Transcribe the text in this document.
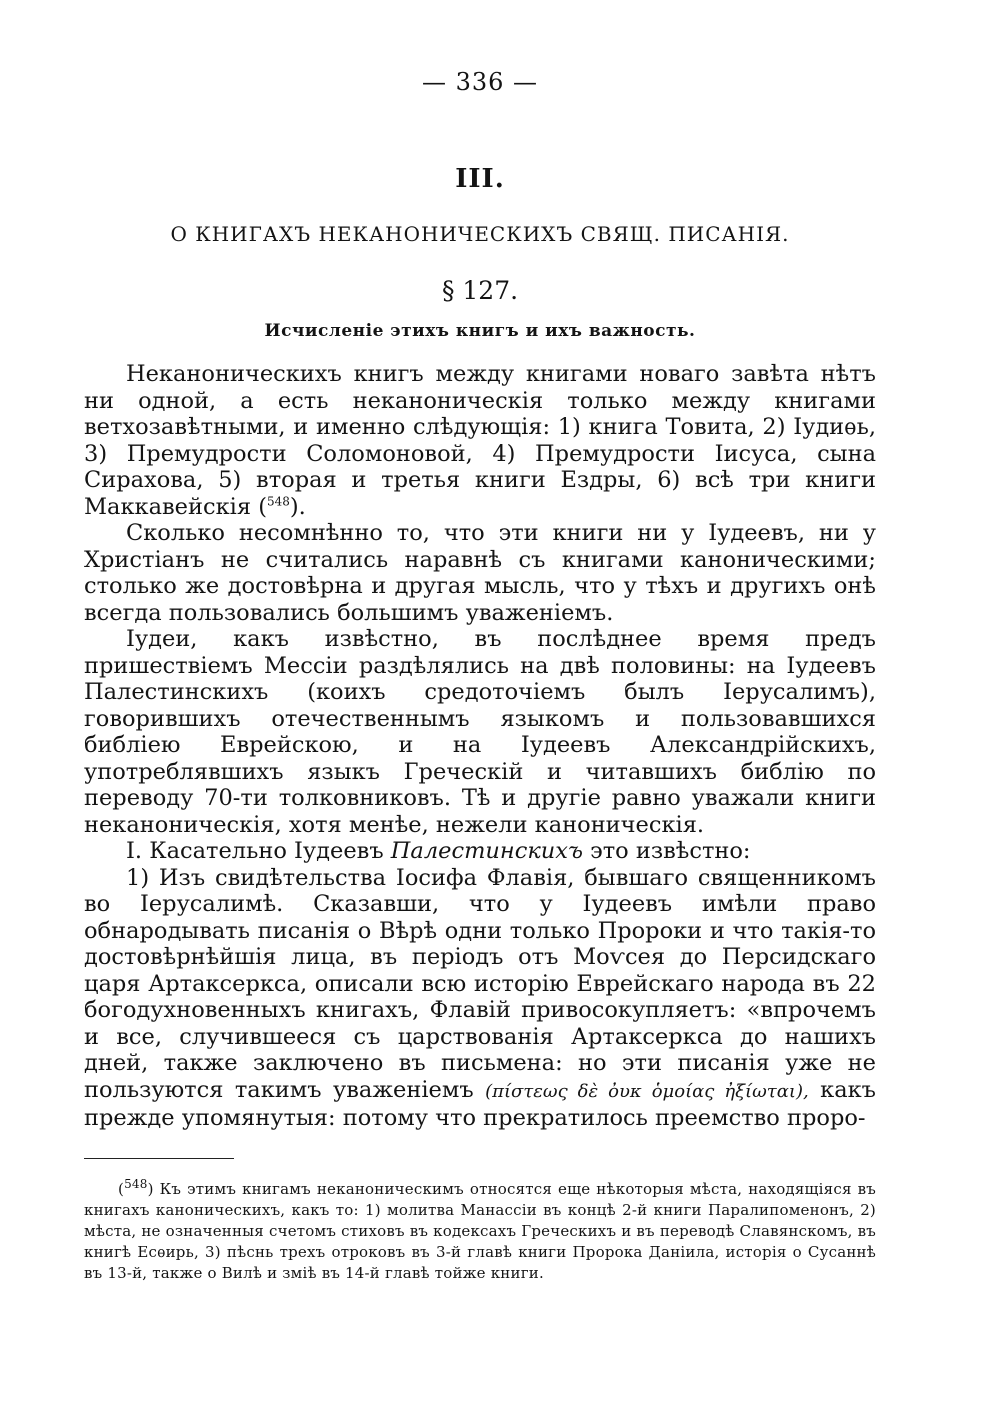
— 336 —
III.
О КНИГАХЪ НЕКАНОНИЧЕСКИХЪ СВЯЩ. ПИСАНІЯ.
§ 127.
Исчисленіе этихъ книгъ и ихъ важность.

Неканоническихъ книгъ между книгами новаго завѣта нѣтъ ни одной, а есть неканоническія только между книгами ветхозавѣтными, и именно слѣдующія: 1) книга Товита, 2) Іудиѳь, 3) Премудрости Соломоновой, 4) Премудрости Іисуса, сына Сирахова, 5) вторая и третья книги Ездры, 6) всѣ три книги Маккавейскія ($^{548}$).

Сколько несомнѣнно то, что эти книги ни у Іудеевъ, ни у Христіанъ не считались наравнѣ съ книгами каноническими; столько же достовѣрна и другая мысль, что у тѣхъ и другихъ онѣ всегда пользовались большимъ уваженіемъ.

Іудеи, какъ извѣстно, въ послѣднее время предъ пришествіемъ Мессіи раздѣлялись на двѣ половины: на Іудеевъ Палестинскихъ (коихъ средоточіемъ былъ Іерусалимъ), говорившихъ отечественнымъ языкомъ и пользовавшихся библіею Еврейскою, и на Іудеевъ Александрійскихъ, употреблявшихъ языкъ Греческій и читавшихъ библію по переводу 70-ти толковниковъ. Тѣ и другіе равно уважали книги неканоническія, хотя менѣе, нежели каноническія.

I. Касательно Іудеевъ Палестинскихъ это извѣстно:

1) Изъ свидѣтельства Іосифа Флавія, бывшаго священникомъ во Іерусалимѣ. Сказавши, что у Іудеевъ имѣли право обнародывать писанія о Вѣрѣ одни только Пророки и что такія-то достовѣрнѣйшія лица, въ періодъ отъ Моѵсея до Персидскаго царя Артаксеркса, описали всю исторію Еврейскаго народа въ 22 богодухновенныхъ книгахъ, Флавій привосокупляетъ: «впрочемъ и все, случившееся съ царствованія Артаксеркса до нашихъ дней, также заключено въ письмена: но эти писанія уже не пользуются такимъ уваженіемъ (πίστεως δὲ ὀυκ ὁμοίας ἠξίωται), какъ прежде упомянутыя: потому что прекратилось преемство проро-

($^{548}$) Къ этимъ книгамъ неканоническимъ относятся еще нѣкоторыя мѣста, находящіяся въ книгахъ каноническихъ, какъ то: 1) молитва Манассіи въ концѣ 2-й книги Паралипоменонъ, 2) мѣста, не означенныя счетомъ стиховъ въ кодексахъ Греческихъ и въ переводѣ Славянскомъ, въ книгѣ Есѳирь, 3) пѣснь трехъ отроковъ въ 3-й главѣ книги Пророка Даніила, исторія о Сусаннѣ въ 13-й, также о Вилѣ и зміѣ въ 14-й главѣ тойже книги.
